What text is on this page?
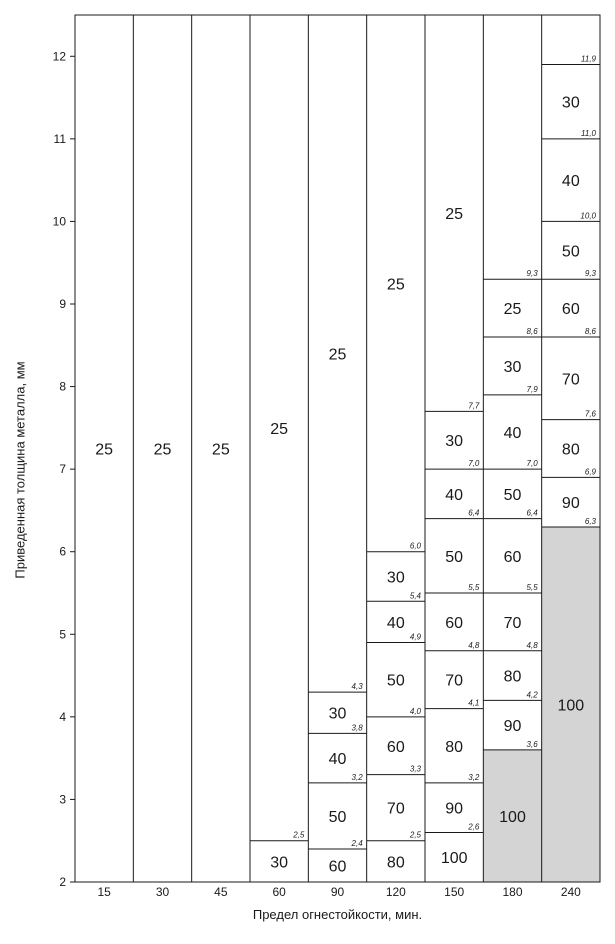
2
3
4
5
6
7
8
9
10
11
12
15	30	45	60	90	120	150	180	240
25	25	25
2,5
30
25
2,4
3,2
3,8
4,3
60
50
40
30
25
2,5
3,3
4,0
4,9
5,4
6,0
80
70
60
50
40
30
25
2,6
3,2
4,1
4,8
5,5
6,4
7,0
7,7
100
90
80
70
60
50
40
30
25
3,6
4,2
4,8
5,5
6,4
7,0
7,9
8,6
9,3
100
90
80
70
60
50
40
30
25
6,3
6,9
7,6
8,6
9,3
10,0
11,0
11,9
100
90
80
70
60
50
40
30
Приведенная толщина металла, мм
Предел огнестойкости, мин.
